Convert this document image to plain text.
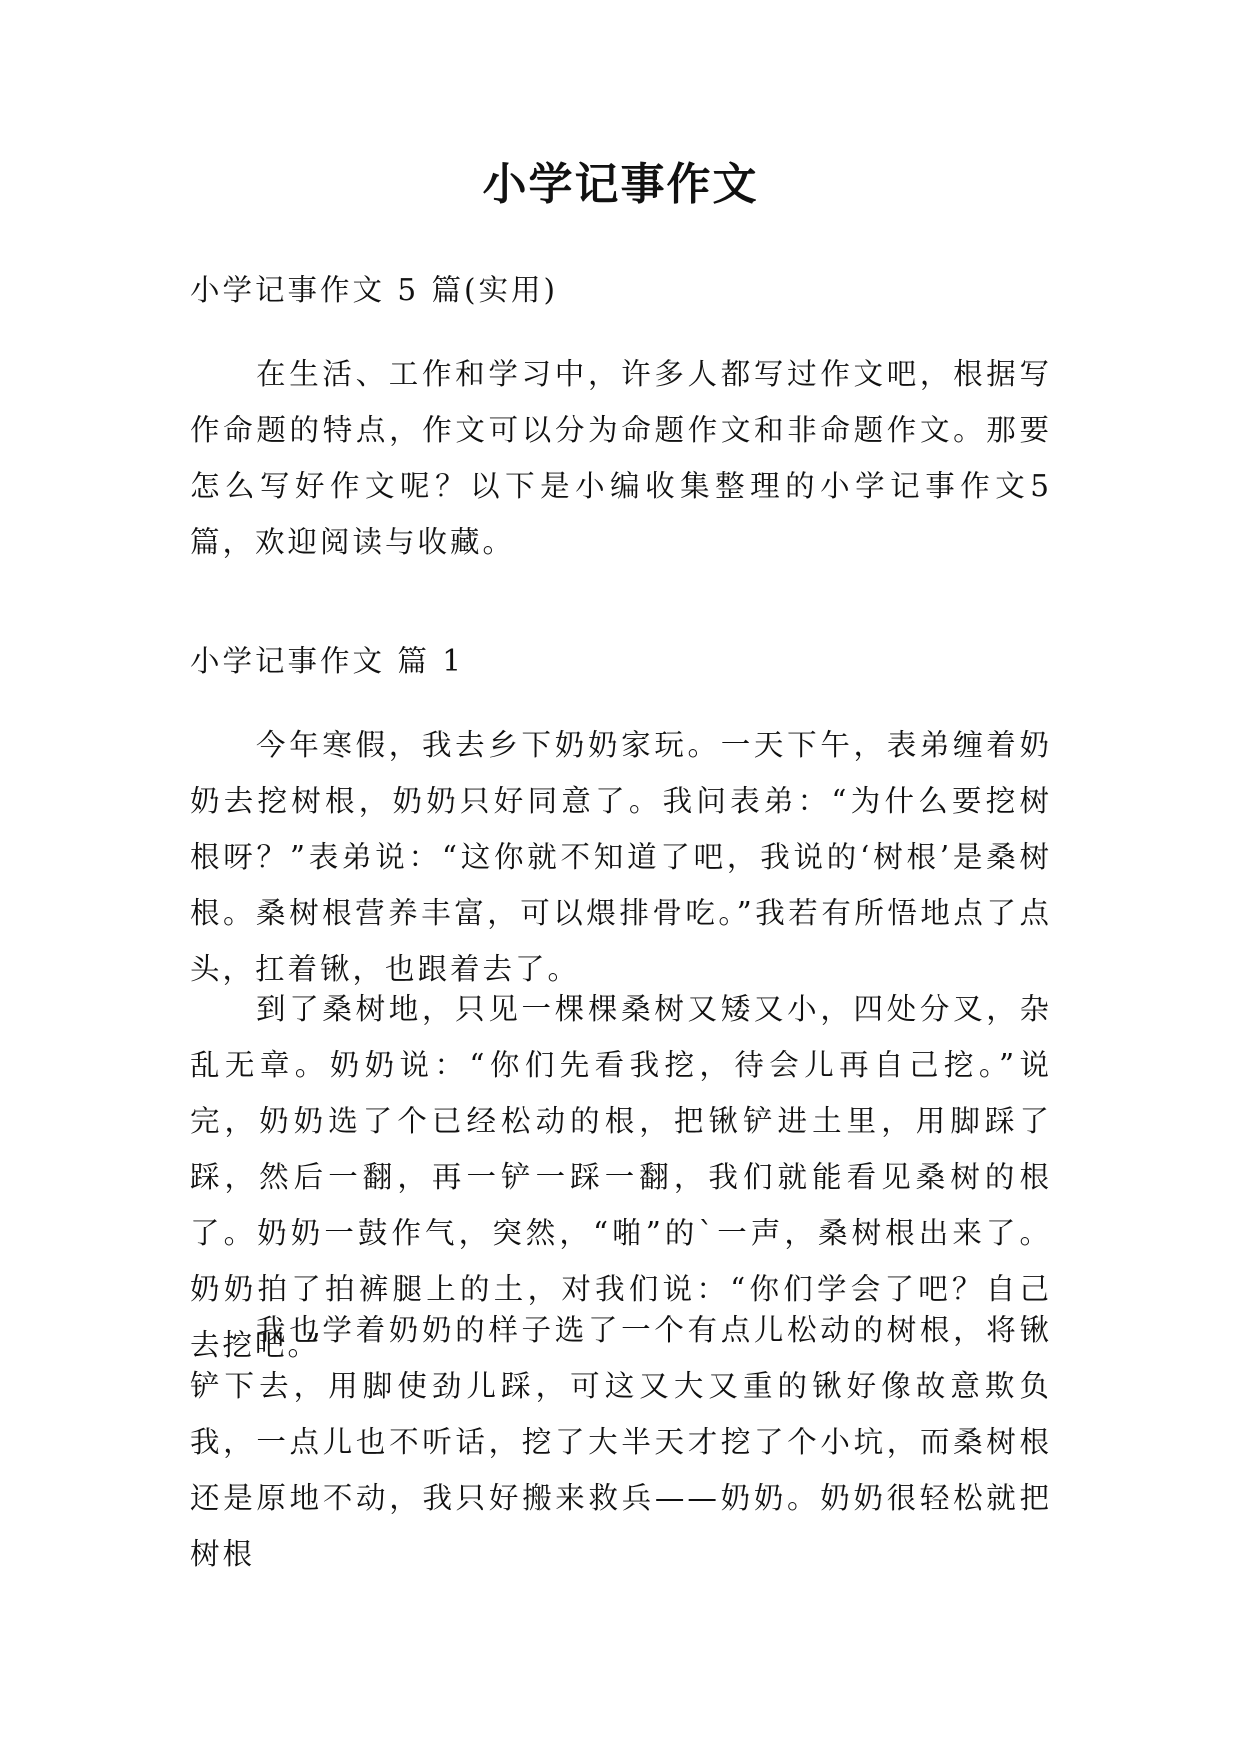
小学记事作文

小学记事作文 5 篇(实用)

在生活、工作和学习中，许多人都写过作文吧，根据写作命题的特点，作文可以分为命题作文和非命题作文。那要怎么写好作文呢？以下是小编收集整理的小学记事作文5篇，欢迎阅读与收藏。

小学记事作文 篇 1

今年寒假，我去乡下奶奶家玩。一天下午，表弟缠着奶奶去挖树根，奶奶只好同意了。我问表弟：“为什么要挖树根呀？”表弟说：“这你就不知道了吧，我说的‘树根’是桑树根。桑树根营养丰富，可以煨排骨吃。”我若有所悟地点了点头，扛着锹，也跟着去了。

到了桑树地，只见一棵棵桑树又矮又小，四处分叉，杂乱无章。奶奶说：“你们先看我挖，待会儿再自己挖。”说完，奶奶选了个已经松动的根，把锹铲进土里，用脚踩了踩，然后一翻，再一铲一踩一翻，我们就能看见桑树的根了。奶奶一鼓作气，突然，“啪”的`一声，桑树根出来了。奶奶拍了拍裤腿上的土，对我们说：“你们学会了吧？自己去挖吧。”

我也学着奶奶的样子选了一个有点儿松动的树根，将锹铲下去，用脚使劲儿踩，可这又大又重的锹好像故意欺负我，一点儿也不听话，挖了大半天才挖了个小坑，而桑树根还是原地不动，我只好搬来救兵——奶奶。奶奶很轻松就把树根
